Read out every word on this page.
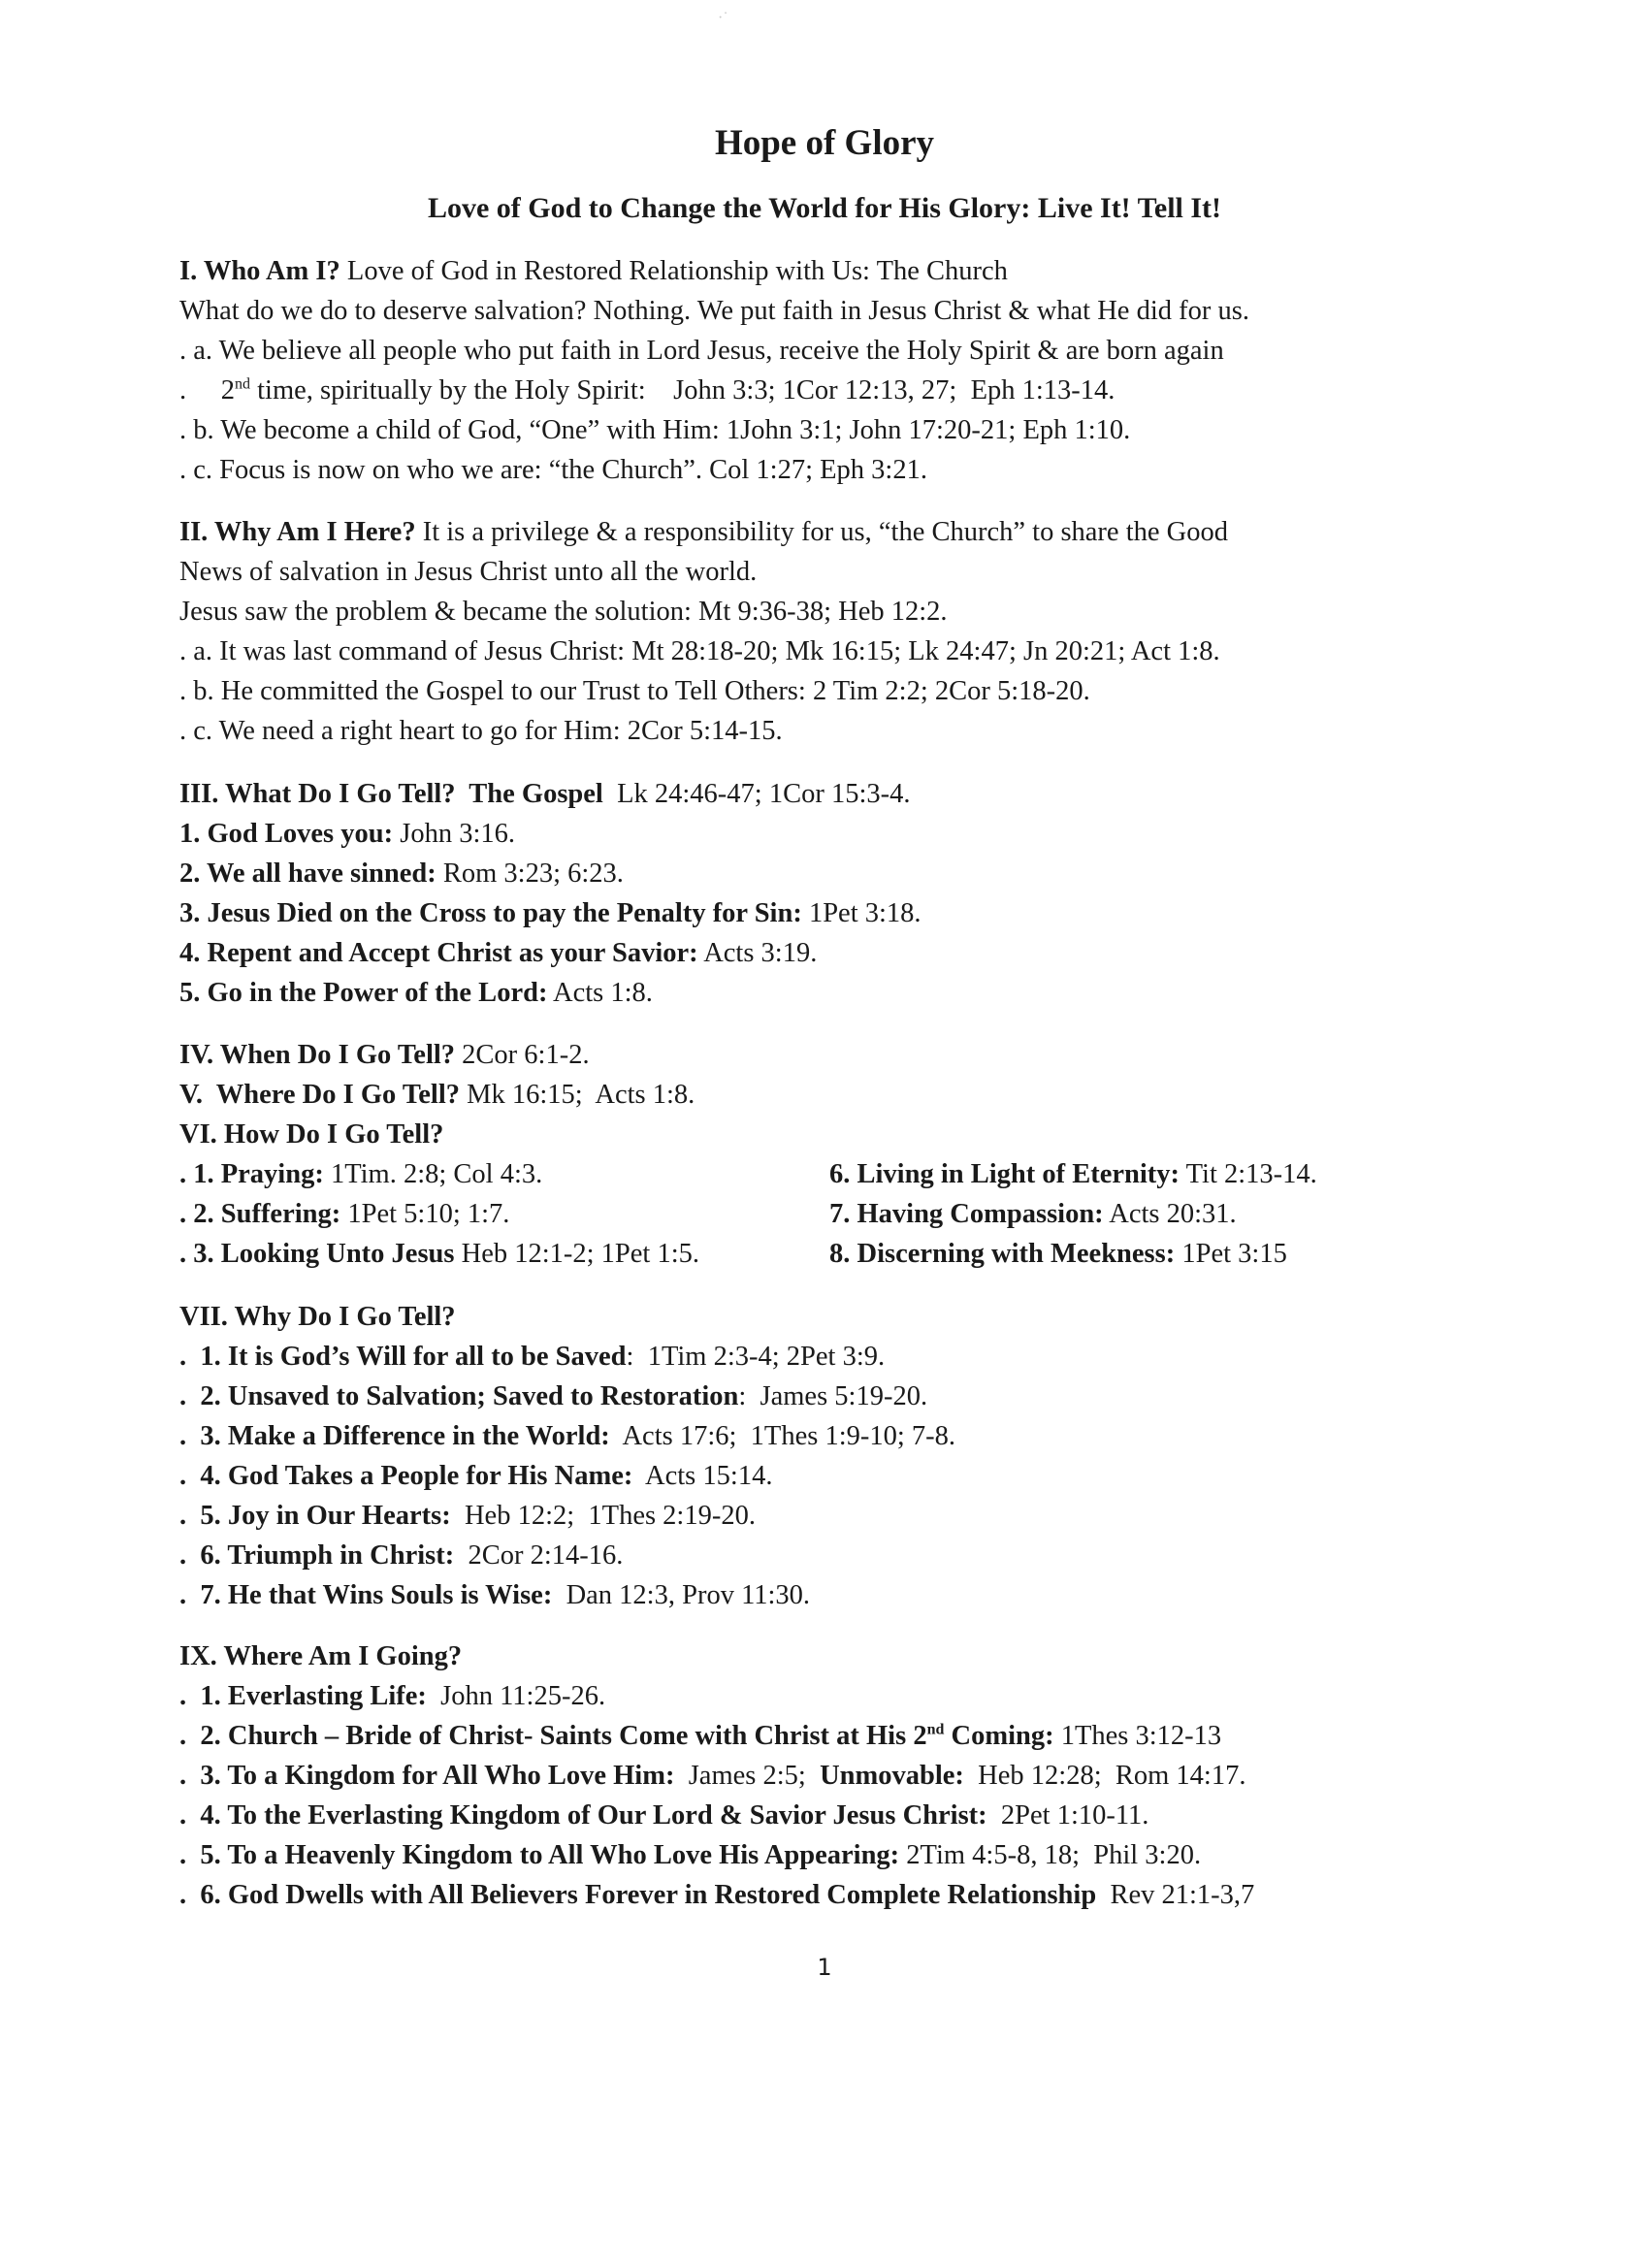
·˙
Hope of Glory
Love of God to Change the World for His Glory: Live It! Tell It!
I. Who Am I? Love of God in Restored Relationship with Us: The Church
What do we do to deserve salvation? Nothing. We put faith in Jesus Christ & what He did for us.
. a. We believe all people who put faith in Lord Jesus, receive the Holy Spirit & are born again
.     2nd time, spiritually by the Holy Spirit:    John 3:3; 1Cor 12:13, 27;  Eph 1:13-14.
. b. We become a child of God, “One” with Him: 1John 3:1; John 17:20-21; Eph 1:10.
. c. Focus is now on who we are: “the Church”. Col 1:27; Eph 3:21.
II. Why Am I Here? It is a privilege & a responsibility for us, “the Church” to share the Good
News of salvation in Jesus Christ unto all the world.
Jesus saw the problem & became the solution: Mt 9:36-38; Heb 12:2.
. a. It was last command of Jesus Christ: Mt 28:18-20; Mk 16:15; Lk 24:47; Jn 20:21; Act 1:8.
. b. He committed the Gospel to our Trust to Tell Others: 2 Tim 2:2; 2Cor 5:18-20.
. c. We need a right heart to go for Him: 2Cor 5:14-15.
III. What Do I Go Tell?  The Gospel  Lk 24:46-47; 1Cor 15:3-4.
1. God Loves you: John 3:16.
2. We all have sinned: Rom 3:23; 6:23.
3. Jesus Died on the Cross to pay the Penalty for Sin: 1Pet 3:18.
4. Repent and Accept Christ as your Savior: Acts 3:19.
5. Go in the Power of the Lord: Acts 1:8.
IV. When Do I Go Tell? 2Cor 6:1-2.
V.  Where Do I Go Tell? Mk 16:15;  Acts 1:8.
VI. How Do I Go Tell?
. 1. Praying: 1Tim. 2:8; Col 4:3.	6. Living in Light of Eternity: Tit 2:13-14.
. 2. Suffering: 1Pet 5:10; 1:7.	7. Having Compassion: Acts 20:31.
. 3. Looking Unto Jesus Heb 12:1-2; 1Pet 1:5.	8. Discerning with Meekness: 1Pet 3:15
VII. Why Do I Go Tell?
.  1. It is God’s Will for all to be Saved:  1Tim 2:3-4; 2Pet 3:9.
.  2. Unsaved to Salvation; Saved to Restoration:  James 5:19-20.
.  3. Make a Difference in the World:  Acts 17:6;  1Thes 1:9-10; 7-8.
.  4. God Takes a People for His Name:  Acts 15:14.
.  5. Joy in Our Hearts:  Heb 12:2;  1Thes 2:19-20.
.  6. Triumph in Christ:  2Cor 2:14-16.
.  7. He that Wins Souls is Wise:  Dan 12:3, Prov 11:30.
IX. Where Am I Going?
.  1. Everlasting Life:  John 11:25-26.
.  2. Church – Bride of Christ- Saints Come with Christ at His 2nd Coming: 1Thes 3:12-13
.  3. To a Kingdom for All Who Love Him:  James 2:5;  Unmovable:  Heb 12:28;  Rom 14:17.
.  4. To the Everlasting Kingdom of Our Lord & Savior Jesus Christ:  2Pet 1:10-11.
.  5. To a Heavenly Kingdom to All Who Love His Appearing: 2Tim 4:5-8, 18;  Phil 3:20.
.  6. God Dwells with All Believers Forever in Restored Complete Relationship  Rev 21:1-3,7
1
